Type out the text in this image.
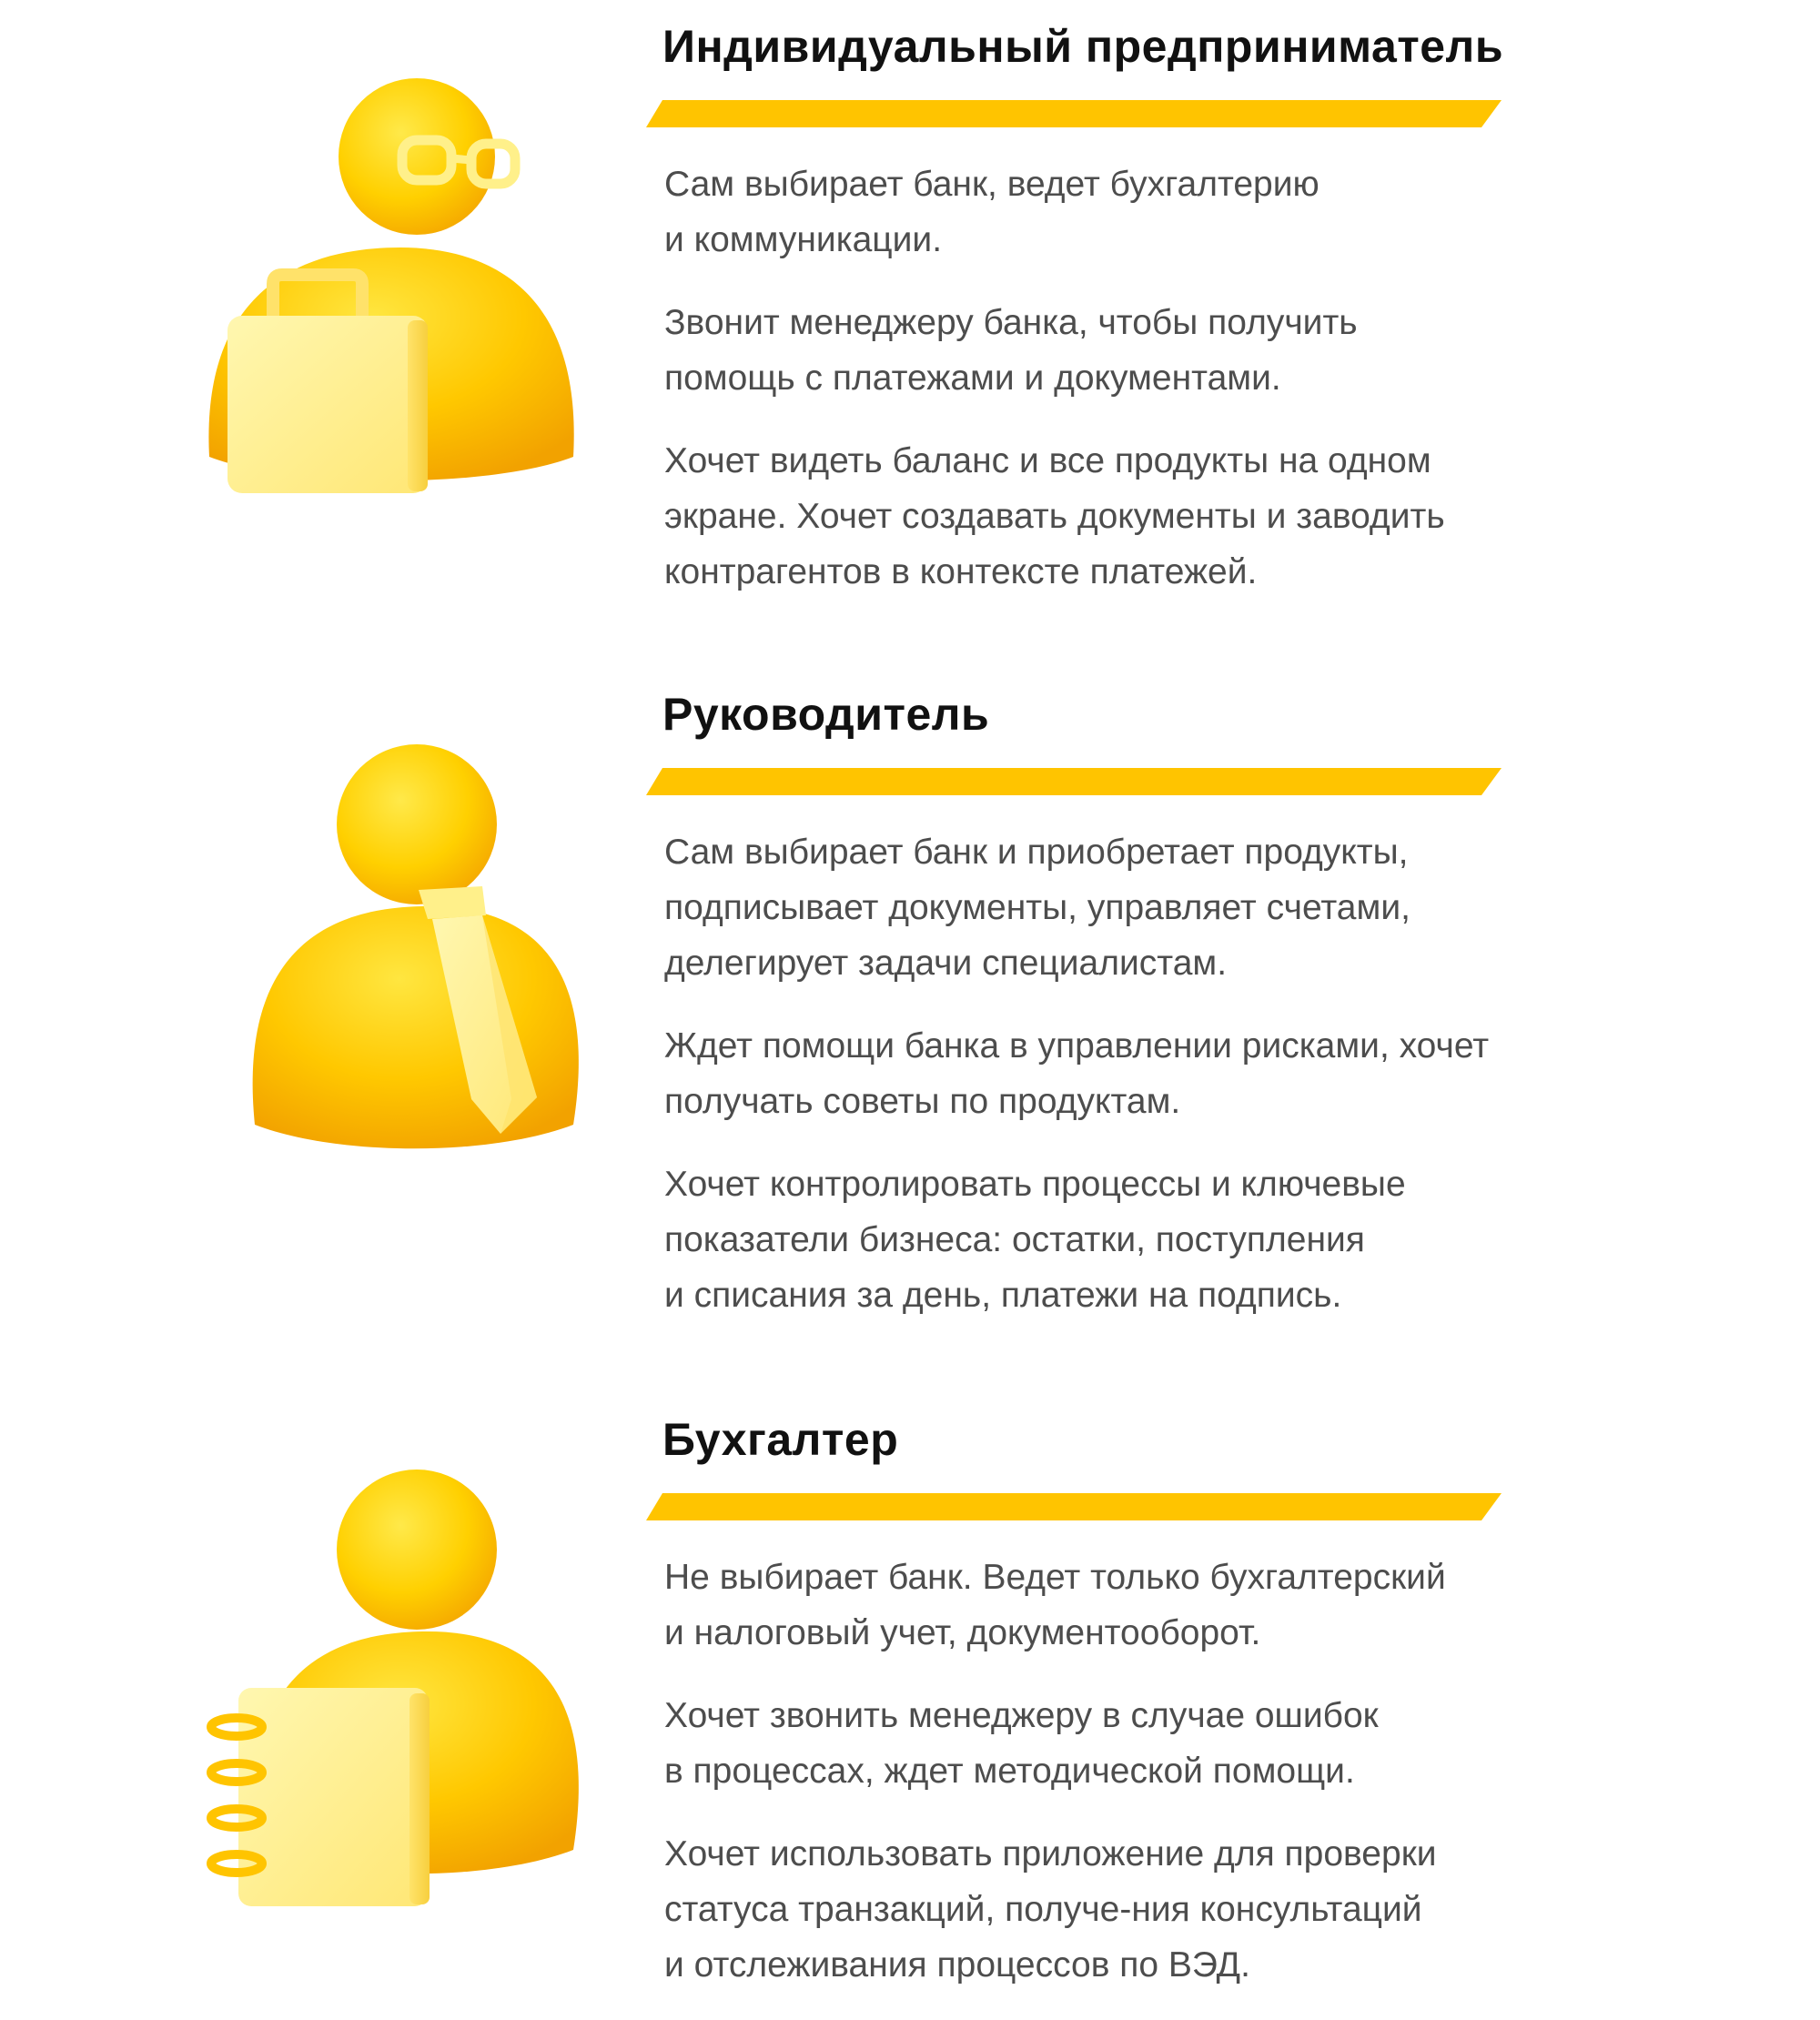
Индивидуальный предприниматель

Сам выбирает банк, ведет бухгалтерию
и коммуникации.

Звонит менеджеру банка, чтобы получить
помощь с платежами и документами.

Хочет видеть баланс и все продукты на одном
экране. Хочет создавать документы и заводить
контрагентов в контексте платежей.

Руководитель

Сам выбирает банк и приобретает продукты,
подписывает документы, управляет счетами,
делегирует задачи специалистам.

Ждет помощи банка в управлении рисками, хочет
получать советы по продуктам.

Хочет контролировать процессы и ключевые
показатели бизнеса: остатки, поступления
и списания за день, платежи на подпись.

Бухгалтер

Не выбирает банк. Ведет только бухгалтерский
и налоговый учет, документооборот.

Хочет звонить менеджеру в случае ошибок
в процессах, ждет методической помощи.

Хочет использовать приложение для проверки
статуса транзакций, получе-ния консультаций
и отслеживания процессов по ВЭД.
